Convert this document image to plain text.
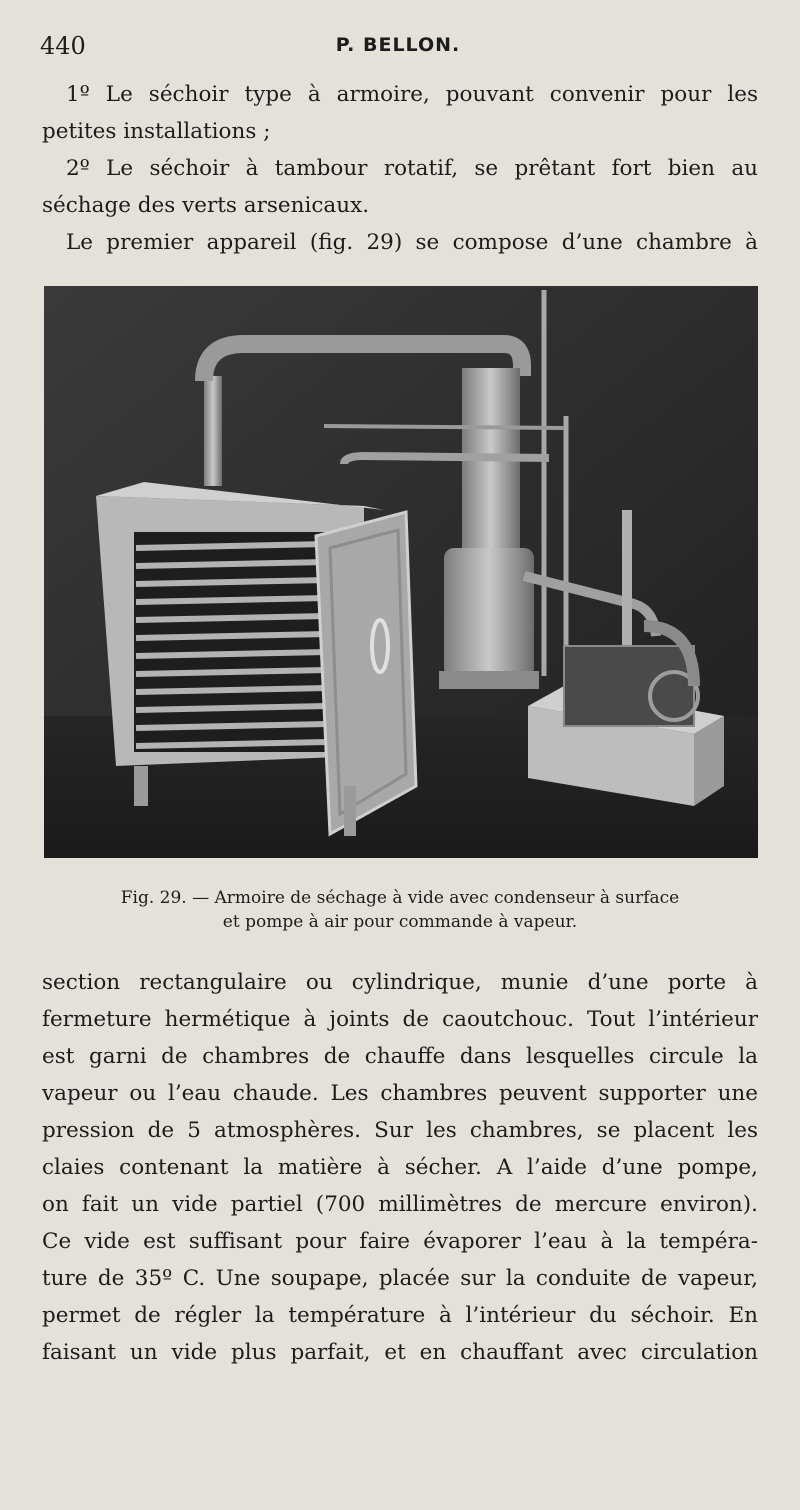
440	P. BELLON.
1º Le séchoir type à armoire, pouvant convenir pour les
petites installations ;
2º Le séchoir à tambour rotatif, se prêtant fort bien au
séchage des verts arsenicaux.
Le premier appareil (fig. 29) se compose d’une chambre à
Fig. 29. — Armoire de séchage à vide avec condenseur à surface
et pompe à air pour commande à vapeur.
section rectangulaire ou cylindrique, munie d’une porte à
fermeture hermétique à joints de caoutchouc. Tout l’intérieur
est garni de chambres de chauffe dans lesquelles circule la
vapeur ou l’eau chaude. Les chambres peuvent supporter une
pression de 5 atmosphères. Sur les chambres, se placent les
claies contenant la matière à sécher. A l’aide d’une pompe,
on fait un vide partiel (700 millimètres de mercure environ).
Ce vide est suffisant pour faire évaporer l’eau à la tempéra-
ture de 35º C. Une soupape, placée sur la conduite de vapeur,
permet de régler la température à l’intérieur du séchoir. En
faisant un vide plus parfait, et en chauffant avec circulation
